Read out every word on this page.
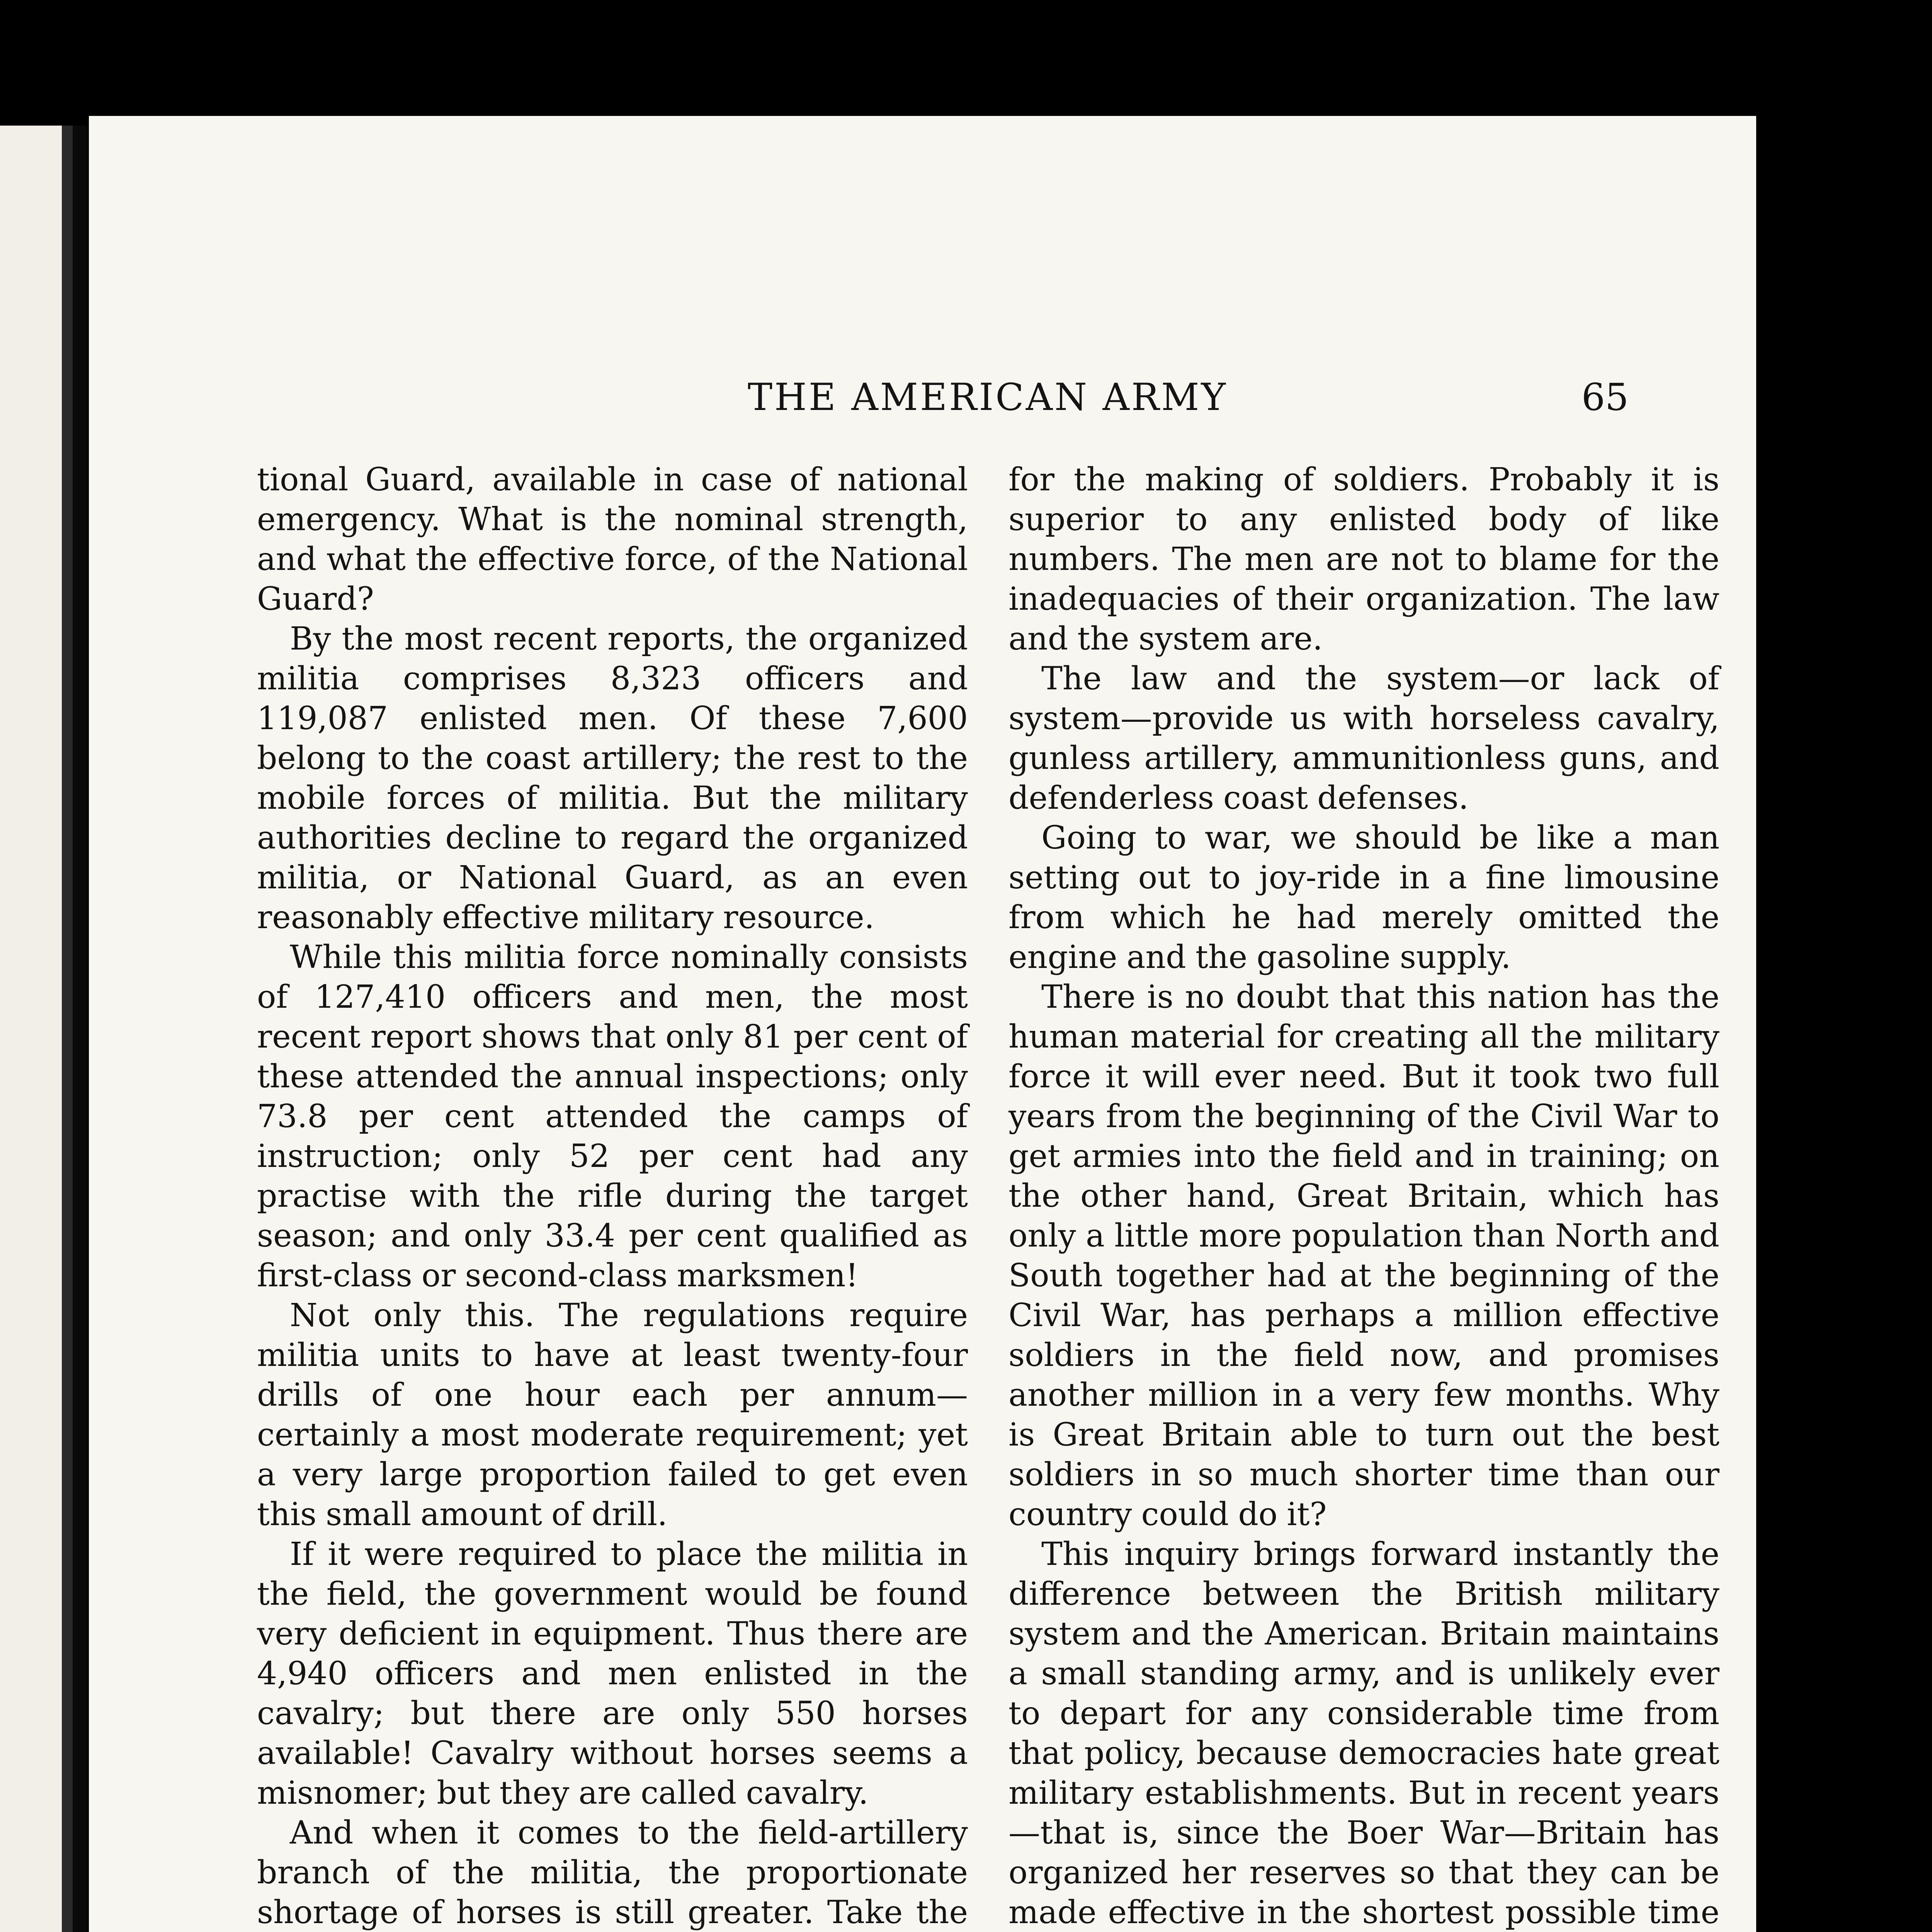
THE AMERICAN ARMY	65

tional Guard, available in case of national emergency. What is the nominal strength, and what the effective force, of the National Guard?

By the most recent reports, the organized militia comprises 8,323 officers and 119,087 enlisted men. Of these 7,600 belong to the coast artillery; the rest to the mobile forces of militia. But the military authorities decline to regard the organized militia, or National Guard, as an even reasonably effective military resource.

While this militia force nominally consists of 127,410 officers and men, the most recent report shows that only 81 per cent of these attended the annual inspections; only 73.8 per cent attended the camps of instruction; only 52 per cent had any practise with the rifle during the target season; and only 33.4 per cent qualified as first-class or second-class marksmen!

Not only this. The regulations require militia units to have at least twenty-four drills of one hour each per annum—certainly a most moderate requirement; yet a very large proportion failed to get even this small amount of drill.

If it were required to place the militia in the field, the government would be found very deficient in equipment. Thus there are 4,940 officers and men enlisted in the cavalry; but there are only 550 horses available! Cavalry without horses seems a misnomer; but they are called cavalry.

And when it comes to the field-artillery branch of the militia, the proportionate shortage of horses is still greater. Take the

for the making of soldiers. Probably it is superior to any enlisted body of like numbers. The men are not to blame for the inadequacies of their organization. The law and the system are.

The law and the system—or lack of system—provide us with horseless cavalry, gunless artillery, ammunitionless guns, and defenderless coast defenses.

Going to war, we should be like a man setting out to joy-ride in a fine limousine from which he had merely omitted the engine and the gasoline supply.

There is no doubt that this nation has the human material for creating all the military force it will ever need. But it took two full years from the beginning of the Civil War to get armies into the field and in training; on the other hand, Great Britain, which has only a little more population than North and South together had at the beginning of the Civil War, has perhaps a million effective soldiers in the field now, and promises another million in a very few months. Why is Great Britain able to turn out the best soldiers in so much shorter time than our country could do it?

This inquiry brings forward instantly the difference between the British military system and the American. Britain maintains a small standing army, and is unlikely ever to depart for any considerable time from that policy, because democracies hate great military establishments. But in recent years—that is, since the Boer War—Britain has organized her reserves so that they can be made effective in the shortest possible time
